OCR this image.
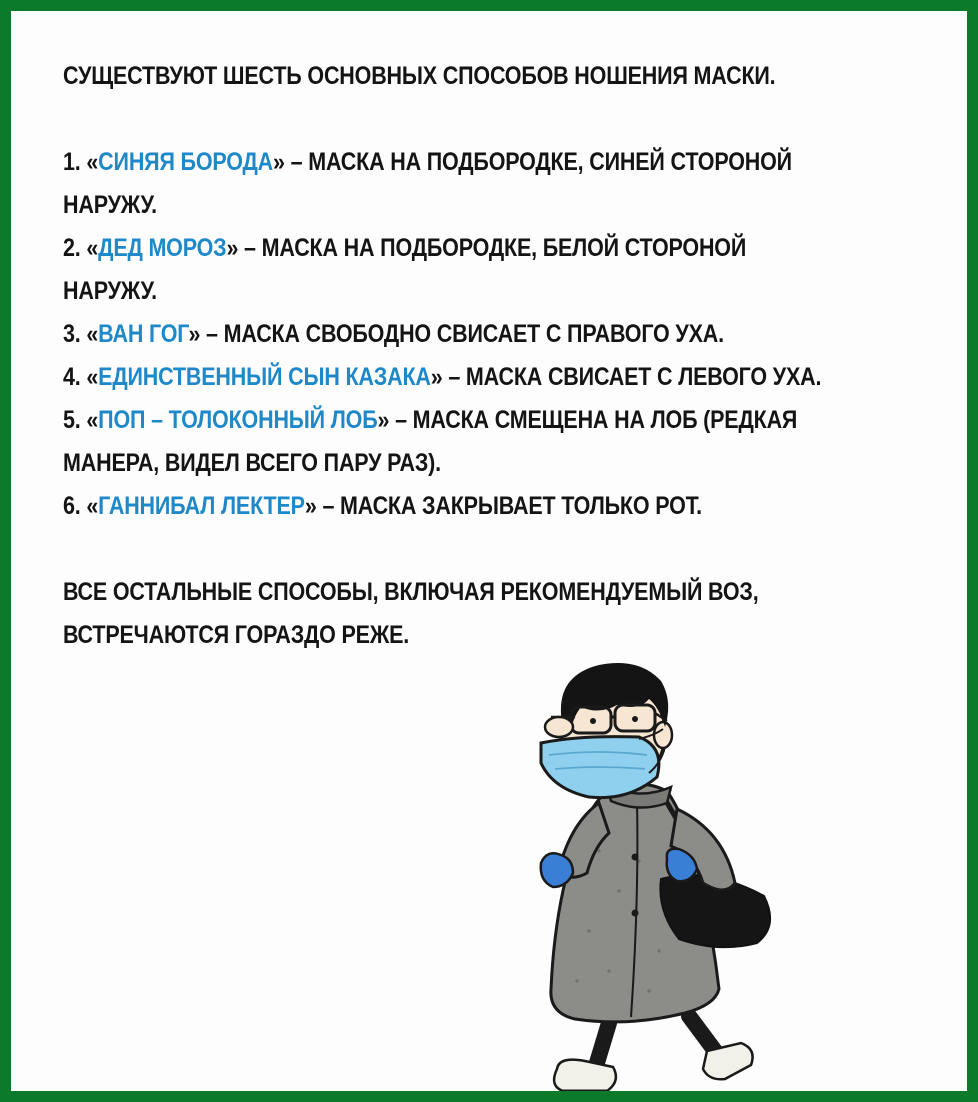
СУЩЕСТВУЮТ ШЕСТЬ ОСНОВНЫХ СПОСОБОВ НОШЕНИЯ МАСКИ.

1. «СИНЯЯ БОРОДА» – МАСКА НА ПОДБОРОДКЕ, СИНЕЙ СТОРОНОЙ
НАРУЖУ.

2. «ДЕД МОРОЗ» – МАСКА НА ПОДБОРОДКЕ, БЕЛОЙ СТОРОНОЙ
НАРУЖУ.

3. «ВАН ГОГ» – МАСКА СВОБОДНО СВИСАЕТ С ПРАВОГО УХА.

4. «ЕДИНСТВЕННЫЙ СЫН КАЗАКА» – МАСКА СВИСАЕТ С ЛЕВОГО УХА.

5. «ПОП – ТОЛОКОННЫЙ ЛОБ» – МАСКА СМЕЩЕНА НА ЛОБ (РЕДКАЯ
МАНЕРА, ВИДЕЛ ВСЕГО ПАРУ РАЗ).

6. «ГАННИБАЛ ЛЕКТЕР» – МАСКА ЗАКРЫВАЕТ ТОЛЬКО РОТ.

ВСЕ ОСТАЛЬНЫЕ СПОСОБЫ, ВКЛЮЧАЯ РЕКОМЕНДУЕМЫЙ ВОЗ,
ВСТРЕЧАЮТСЯ ГОРАЗДО РЕЖЕ.
